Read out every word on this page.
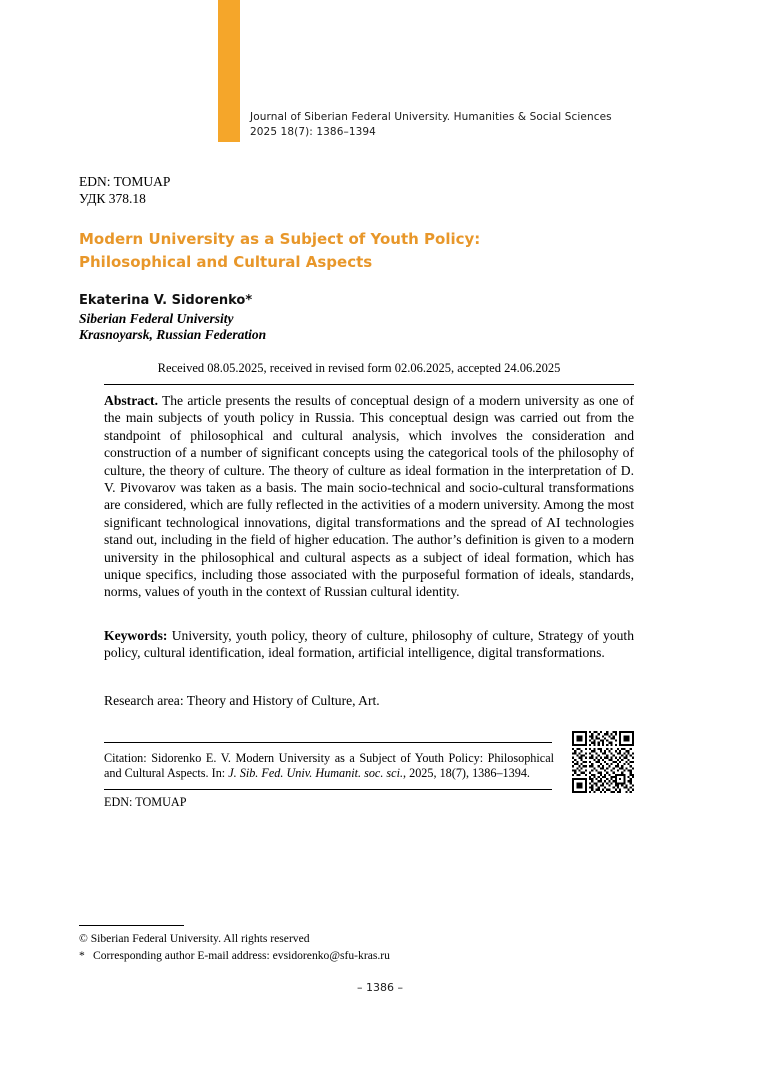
Journal of Siberian Federal University. Humanities & Social Sciences
2025 18(7): 1386–1394
EDN: TOMUAP
УДК 378.18
Modern University as a Subject of Youth Policy:
Philosophical and Cultural Aspects
Ekaterina V. Sidorenko*
Siberian Federal University
Krasnoyarsk, Russian Federation
Received 08.05.2025, received in revised form 02.06.2025, accepted 24.06.2025
Abstract. The article presents the results of conceptual design of a modern university as one of the main subjects of youth policy in Russia. This conceptual design was carried out from the standpoint of philosophical and cultural analysis, which involves the consideration and construction of a number of significant concepts using the categorical tools of the philosophy of culture, the theory of culture. The theory of culture as ideal formation in the interpretation of D. V. Pivovarov was taken as a basis. The main socio-technical and socio-cultural transformations are considered, which are fully reflected in the activities of a modern university. Among the most significant technological innovations, digital transformations and the spread of AI technologies stand out, including in the field of higher education. The author’s definition is given to a modern university in the philosophical and cultural aspects as a subject of ideal formation, which has unique specifics, including those associated with the purposeful formation of ideals, standards, norms, values of youth in the context of Russian cultural identity.
Keywords: University, youth policy, theory of culture, philosophy of culture, Strategy of youth policy, cultural identification, ideal formation, artificial intelligence, digital transformations.
Research area: Theory and History of Culture, Art.
Citation: Sidorenko E. V. Modern University as a Subject of Youth Policy: Philosophical and Cultural Aspects. In: J. Sib. Fed. Univ. Humanit. soc. sci., 2025, 18(7), 1386–1394.
EDN: TOMUAP
© Siberian Federal University. All rights reserved
* Corresponding author E-mail address: evsidorenko@sfu-kras.ru
– 1386 –
